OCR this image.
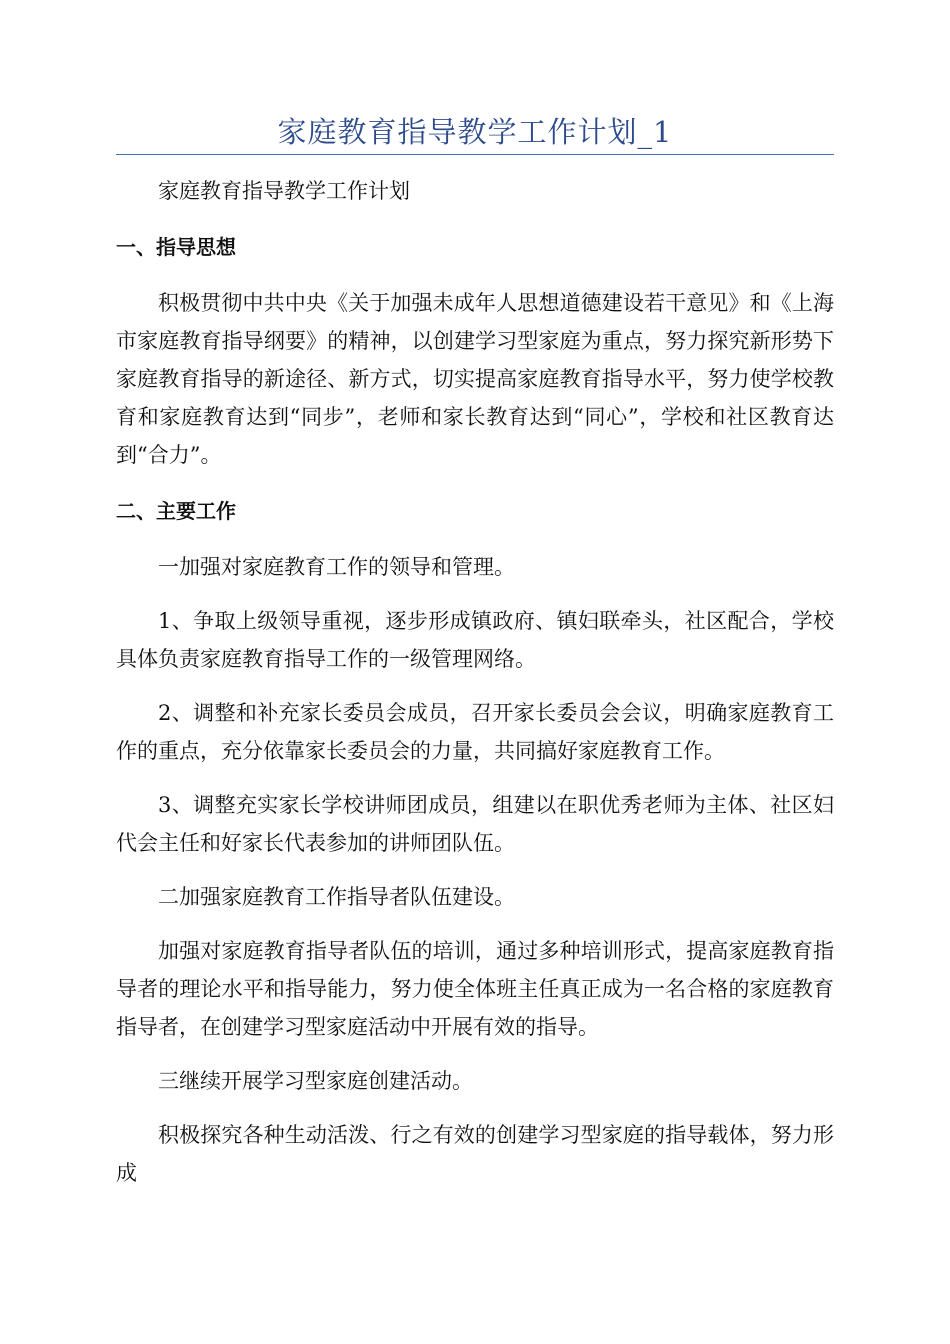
家庭教育指导教学工作计划_1

家庭教育指导教学工作计划

一、指导思想

积极贯彻中共中央《关于加强未成年人思想道德建设若干意见》和《上海市家庭教育指导纲要》的精神，以创建学习型家庭为重点，努力探究新形势下家庭教育指导的新途径、新方式，切实提高家庭教育指导水平，努力使学校教育和家庭教育达到“同步”，老师和家长教育达到“同心”，学校和社区教育达到“合力”。

二、主要工作

一加强对家庭教育工作的领导和管理。

1、争取上级领导重视，逐步形成镇政府、镇妇联牵头，社区配合，学校具体负责家庭教育指导工作的一级管理网络。

2、调整和补充家长委员会成员，召开家长委员会会议，明确家庭教育工作的重点，充分依靠家长委员会的力量，共同搞好家庭教育工作。

3、调整充实家长学校讲师团成员，组建以在职优秀老师为主体、社区妇代会主任和好家长代表参加的讲师团队伍。

二加强家庭教育工作指导者队伍建设。

加强对家庭教育指导者队伍的培训，通过多种培训形式，提高家庭教育指导者的理论水平和指导能力，努力使全体班主任真正成为一名合格的家庭教育指导者，在创建学习型家庭活动中开展有效的指导。

三继续开展学习型家庭创建活动。

积极探究各种生动活泼、行之有效的创建学习型家庭的指导载体，努力形成
